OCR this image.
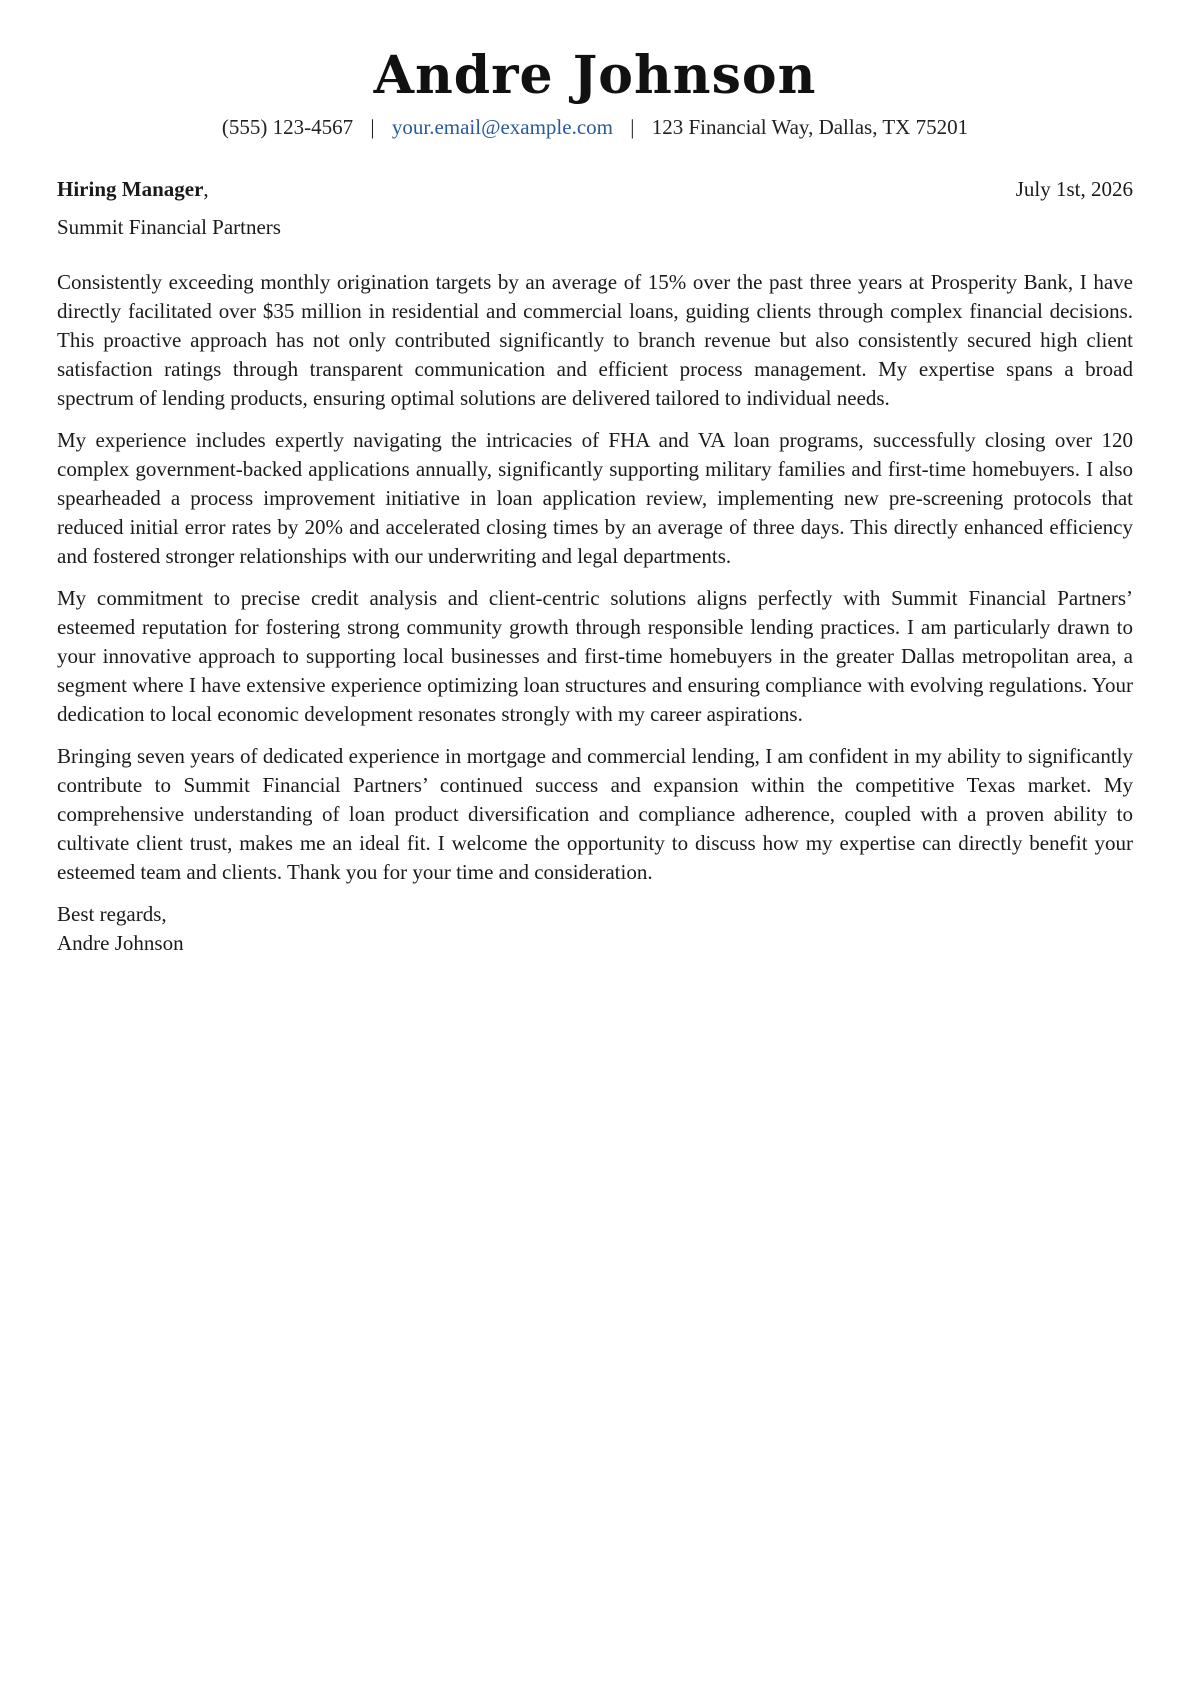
Andre Johnson
(555) 123-4567 | your.email@example.com | 123 Financial Way, Dallas, TX 75201
Hiring Manager,	July 1st, 2026
Summit Financial Partners

Consistently exceeding monthly origination targets by an average of 15% over the past three years at Prosperity Bank, I have directly facilitated over $35 million in residential and commercial loans, guiding clients through complex financial decisions. This proactive approach has not only contributed significantly to branch revenue but also consistently secured high client satisfaction ratings through transparent communication and efficient process management. My expertise spans a broad spectrum of lending products, ensuring optimal solutions are delivered tailored to individual needs.

My experience includes expertly navigating the intricacies of FHA and VA loan programs, successfully closing over 120 complex government-backed applications annually, significantly supporting military families and first-time homebuyers. I also spearheaded a process improvement initiative in loan application review, implementing new pre-screening protocols that reduced initial error rates by 20% and accelerated closing times by an average of three days. This directly enhanced efficiency and fostered stronger relationships with our underwriting and legal departments.

My commitment to precise credit analysis and client-centric solutions aligns perfectly with Summit Financial Partners’ esteemed reputation for fostering strong community growth through responsible lending practices. I am particularly drawn to your innovative approach to supporting local businesses and first-time homebuyers in the greater Dallas metropolitan area, a segment where I have extensive experience optimizing loan structures and ensuring compliance with evolving regulations. Your dedication to local economic development resonates strongly with my career aspirations.

Bringing seven years of dedicated experience in mortgage and commercial lending, I am confident in my ability to significantly contribute to Summit Financial Partners’ continued success and expansion within the competitive Texas market. My comprehensive understanding of loan product diversification and compliance adherence, coupled with a proven ability to cultivate client trust, makes me an ideal fit. I welcome the opportunity to discuss how my expertise can directly benefit your esteemed team and clients. Thank you for your time and consideration.

Best regards,
Andre Johnson
